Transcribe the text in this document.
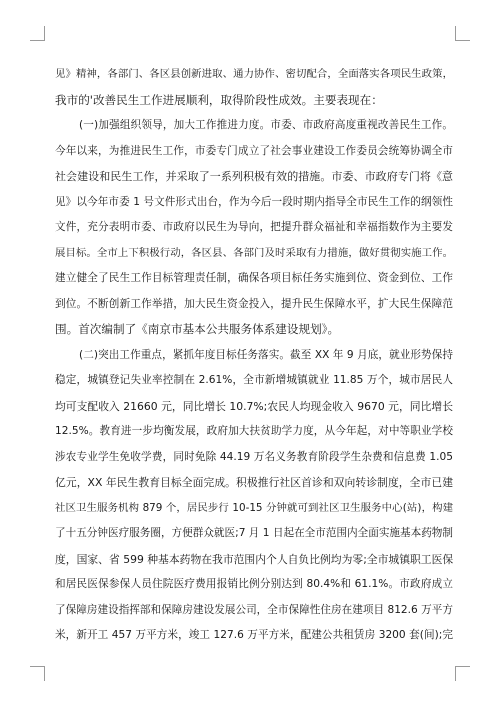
见》精神，各部门、各区县创新进取、通力协作、密切配合，全面落实各项民生政策，
我市的'改善民生工作进展顺利，取得阶段性成效。主要表现在：
(一)加强组织领导，加大工作推进力度。市委、市政府高度重视改善民生工作。
今年以来，为推进民生工作，市委专门成立了社会事业建设工作委员会统筹协调全市
社会建设和民生工作，并采取了一系列积极有效的措施。市委、市政府专门将《意
见》以今年市委 1 号文件形式出台，作为今后一段时期内指导全市民生工作的纲领性
文件，充分表明市委、市政府以民生为导向，把提升群众福祉和幸福指数作为主要发
展目标。全市上下积极行动，各区县、各部门及时采取有力措施，做好贯彻实施工作。
建立健全了民生工作目标管理责任制，确保各项目标任务实施到位、资金到位、工作
到位。不断创新工作举措，加大民生资金投入，提升民生保障水平，扩大民生保障范
围。首次编制了《南京市基本公共服务体系建设规划》。
(二)突出工作重点，紧抓年度目标任务落实。截至 XX 年 9 月底，就业形势保持
稳定，城镇登记失业率控制在 2.61%，全市新增城镇就业 11.85 万个，城市居民人
均可支配收入 21660 元，同比增长 10.7%;农民人均现金收入 9670 元，同比增长
12.5%。教育进一步均衡发展，政府加大扶贫助学力度，从今年起，对中等职业学校
涉农专业学生免收学费，同时免除 44.19 万名义务教育阶段学生杂费和信息费 1.05
亿元，XX 年民生教育目标全面完成。积极推行社区首诊和双向转诊制度，全市已建
社区卫生服务机构 879 个，居民步行 10-15 分钟就可到社区卫生服务中心(站)，构建
了十五分钟医疗服务圈，方便群众就医;7 月 1 日起在全市范围内全面实施基本药物制
度，国家、省 599 种基本药物在我市范围内个人自负比例均为零;全市城镇职工医保
和居民医保参保人员住院医疗费用报销比例分别达到 80.4%和 61.1%。市政府成立
了保障房建设指挥部和保障房建设发展公司，全市保障性住房在建项目 812.6 万平方
米，新开工 457 万平方米，竣工 127.6 万平方米，配建公共租赁房 3200 套(间);完
